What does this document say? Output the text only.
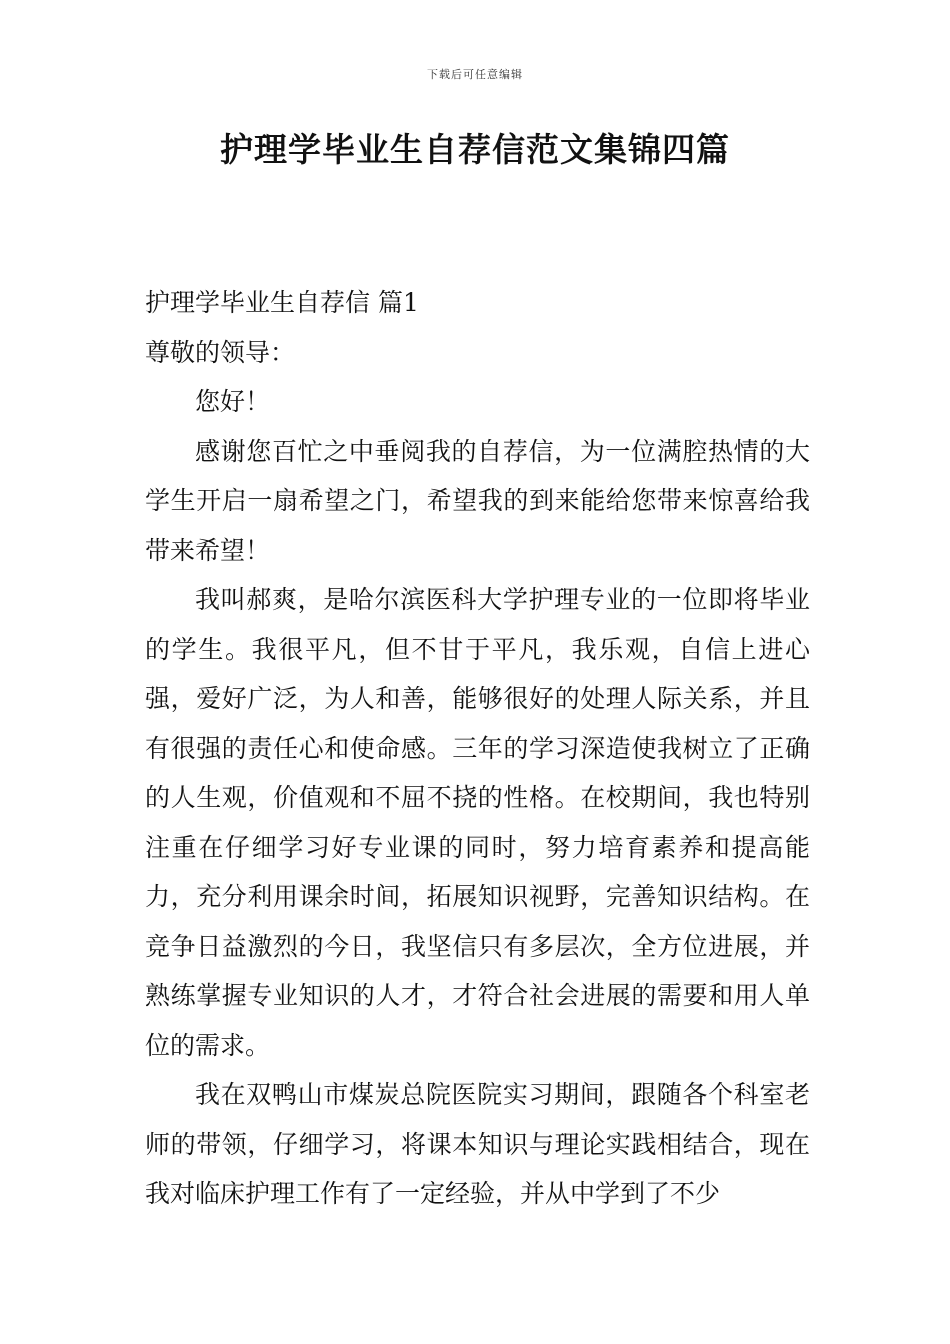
下载后可任意编辑
护理学毕业生自荐信范文集锦四篇

护理学毕业生自荐信 篇1

尊敬的领导：

您好！

感谢您百忙之中垂阅我的自荐信，为一位满腔热情的大学生开启一扇希望之门，希望我的到来能给您带来惊喜给我带来希望！

我叫郝爽，是哈尔滨医科大学护理专业的一位即将毕业的学生。我很平凡，但不甘于平凡，我乐观，自信上进心强，爱好广泛，为人和善，能够很好的处理人际关系，并且有很强的责任心和使命感。三年的学习深造使我树立了正确的人生观，价值观和不屈不挠的性格。在校期间，我也特别注重在仔细学习好专业课的同时，努力培育素养和提高能力，充分利用课余时间，拓展知识视野，完善知识结构。在竞争日益激烈的今日，我坚信只有多层次，全方位进展，并熟练掌握专业知识的人才，才符合社会进展的需要和用人单位的需求。

我在双鸭山市煤炭总院医院实习期间，跟随各个科室老师的带领，仔细学习，将课本知识与理论实践相结合，现在我对临床护理工作有了一定经验，并从中学到了不少
